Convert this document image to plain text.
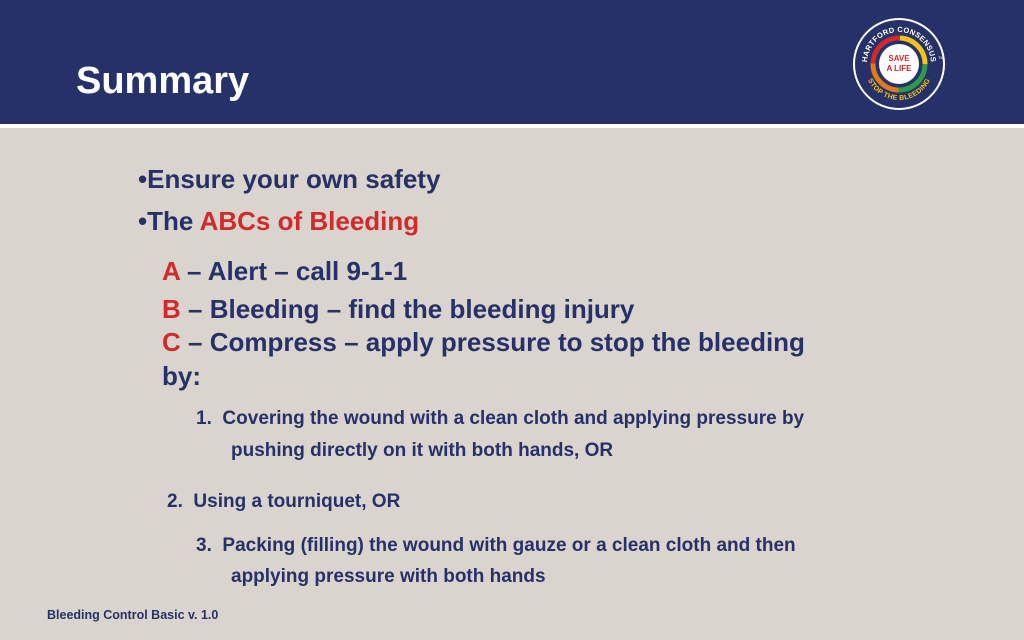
Summary
HARTFORD CONSENSUS
STOP THE BLEEDING
SAVE
A LIFE
TM
•Ensure your own safety
•The ABCs of Bleeding
A – Alert – call 9-1-1
B – Bleeding – find the bleeding injury
C – Compress – apply pressure to stop the bleeding
by:
1. Covering the wound with a clean cloth and applying pressure by
pushing directly on it with both hands, OR
2. Using a tourniquet, OR
3. Packing (filling) the wound with gauze or a clean cloth and then
applying pressure with both hands
Bleeding Control Basic v. 1.0
